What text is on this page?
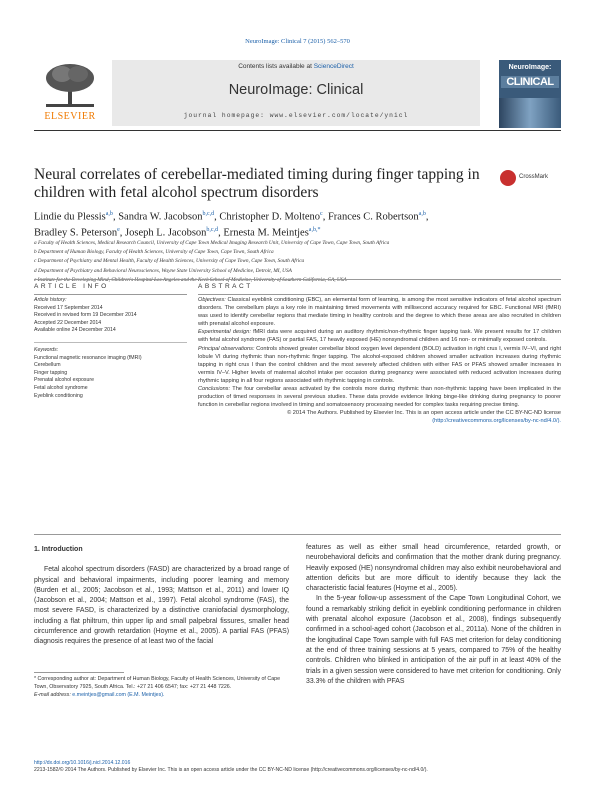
NeuroImage: Clinical 7 (2015) 562–570
ELSEVIER
Contents lists available at ScienceDirect
NeuroImage: Clinical
journal homepage: www.elsevier.com/locate/ynicl
NeuroImage:
CLINICAL
Neural correlates of cerebellar-mediated timing during finger tapping in children with fetal alcohol spectrum disorders
CrossMark
Lindie du Plessis$^{a,b}$, Sandra W. Jacobson$^{b,c,d}$, Christopher D. Molteno$^c$, Frances C. Robertson$^{a,b}$,
Bradley S. Peterson$^e$, Joseph L. Jacobson$^{b,c,d}$, Ernesta M. Meintjes$^{a,b,*}$
a Faculty of Health Sciences, Medical Research Council, University of Cape Town Medical Imaging Research Unit, University of Cape Town, Cape Town, South Africa
b Department of Human Biology, Faculty of Health Sciences, University of Cape Town, Cape Town, South Africa
c Department of Psychiatry and Mental Health, Faculty of Health Sciences, University of Cape Town, Cape Town, South Africa
d Department of Psychiatry and Behavioral Neurosciences, Wayne State University School of Medicine, Detroit, MI, USA
e Institute for the Developing Mind, Children's Hospital Los Angeles and the Keck School of Medicine, University of Southern California, CA, USA
ARTICLE INFO	ABSTRACT
Article history:
Received 17 September 2014
Received in revised form 19 December 2014
Accepted 22 December 2014
Available online 24 December 2014
Keywords:
Functional magnetic resonance imaging (fMRI)
Cerebellum
Finger tapping
Prenatal alcohol exposure
Fetal alcohol syndrome
Eyeblink conditioning
Objectives: Classical eyeblink conditioning (EBC), an elemental form of learning, is among the most sensitive indicators of fetal alcohol spectrum disorders. The cerebellum plays a key role in maintaining timed movements with millisecond accuracy required for EBC. Functional MRI (fMRI) was used to identify cerebellar regions that mediate timing in healthy controls and the degree to which these areas are also recruited in children with prenatal alcohol exposure.
Experimental design: fMRI data were acquired during an auditory rhythmic/non-rhythmic finger tapping task. We present results for 17 children with fetal alcohol syndrome (FAS) or partial FAS, 17 heavily exposed (HE) nonsyndromal children and 16 non- or minimally exposed controls.
Principal observations: Controls showed greater cerebellar blood oxygen level dependent (BOLD) activation in right crus I, vermis IV–VI, and right lobule VI during rhythmic than non-rhythmic finger tapping. The alcohol-exposed children showed smaller activation increases during rhythmic tapping in right crus I than the control children and the most severely affected children with either FAS or PFAS showed smaller increases in vermis IV–V. Higher levels of maternal alcohol intake per occasion during pregnancy were associated with reduced activation increases during rhythmic tapping in all four regions associated with rhythmic tapping in controls.
Conclusions: The four cerebellar areas activated by the controls more during rhythmic than non-rhythmic tapping have been implicated in the production of timed responses in several previous studies. These data provide evidence linking binge-like drinking during pregnancy to poorer function in cerebellar regions involved in timing and somatosensory processing needed for complex tasks requiring precise timing.
© 2014 The Authors. Published by Elsevier Inc. This is an open access article under the CC BY-NC-ND license
(http://creativecommons.org/licenses/by-nc-nd/4.0/).
1. Introduction

Fetal alcohol spectrum disorders (FASD) are characterized by a broad range of physical and behavioral impairments, including poorer learning and memory (Burden et al., 2005; Jacobson et al., 1993; Mattson et al., 2011) and lower IQ (Jacobson et al., 2004; Mattson et al., 1997). Fetal alcohol syndrome (FAS), the most severe FASD, is characterized by a distinctive craniofacial dysmorphology, including a flat philtrum, thin upper lip and small palpebral fissures, smaller head circumference and growth retardation (Hoyme et al., 2005). A partial FAS (PFAS) diagnosis requires the presence of at least two of the facial

features as well as either small head circumference, retarded growth, or neurobehavioral deficits and confirmation that the mother drank during pregnancy. Heavily exposed (HE) nonsyndromal children may also exhibit neurobehavioral and attention deficits but are more difficult to identify because they lack the characteristic facial features (Hoyme et al., 2005).

In the 5-year follow-up assessment of the Cape Town Longitudinal Cohort, we found a remarkably striking deficit in eyeblink conditioning performance in children with prenatal alcohol exposure (Jacobson et al., 2008), findings subsequently confirmed in a school-aged cohort (Jacobson et al., 2011a). None of the children in the longitudinal Cape Town sample with full FAS met criterion for delay conditioning at the end of three training sessions at 5 years, compared to 75% of the healthy controls. Children who blinked in anticipation of the air puff in at least 40% of the trials in a given session were considered to have met criterion for conditioning. Only 33.3% of the children with PFAS

* Corresponding author at: Department of Human Biology, Faculty of Health Sciences, University of Cape Town, Observatory 7925, South Africa. Tel.: +27 21 406 6547; fax: +27 21 448 7226.
E-mail address: e.meintjes@gmail.com (E.M. Meintjes).
http://dx.doi.org/10.1016/j.nicl.2014.12.016
2213-1582/© 2014 The Authors. Published by Elsevier Inc. This is an open access article under the CC BY-NC-ND license (http://creativecommons.org/licenses/by-nc-nd/4.0/).
